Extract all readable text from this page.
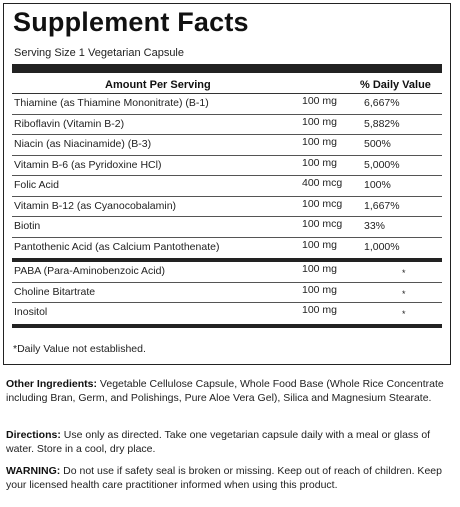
Supplement Facts
Serving Size 1 Vegetarian Capsule
Amount Per Serving	% Daily Value
Thiamine (as Thiamine Mononitrate) (B-1)	100 mg	6,667%
Riboflavin (Vitamin B-2)	100 mg	5,882%
Niacin (as Niacinamide) (B-3)	100 mg	500%
Vitamin B-6 (as Pyridoxine HCl)	100 mg	5,000%
Folic Acid	400 mcg 100%
Vitamin B-12 (as Cyanocobalamin)	100 mcg 1,667%
Biotin	100 mcg 33%
Pantothenic Acid (as Calcium Pantothenate)	100 mg	1,000%
PABA (Para-Aminobenzoic Acid)	100 mg	*
Choline Bitartrate	100 mg	*
Inositol	100 mg	*
*Daily Value not established.
Other Ingredients: Vegetable Cellulose Capsule, Whole Food Base (Whole Rice Concentrate including Bran, Germ, and Polishings, Pure Aloe Vera Gel), Silica and Magnesium Stearate.
Directions: Use only as directed. Take one vegetarian capsule daily with a meal or glass of water. Store in a cool, dry place.
WARNING: Do not use if safety seal is broken or missing. Keep out of reach of children. Keep your licensed health care practitioner informed when using this product.
